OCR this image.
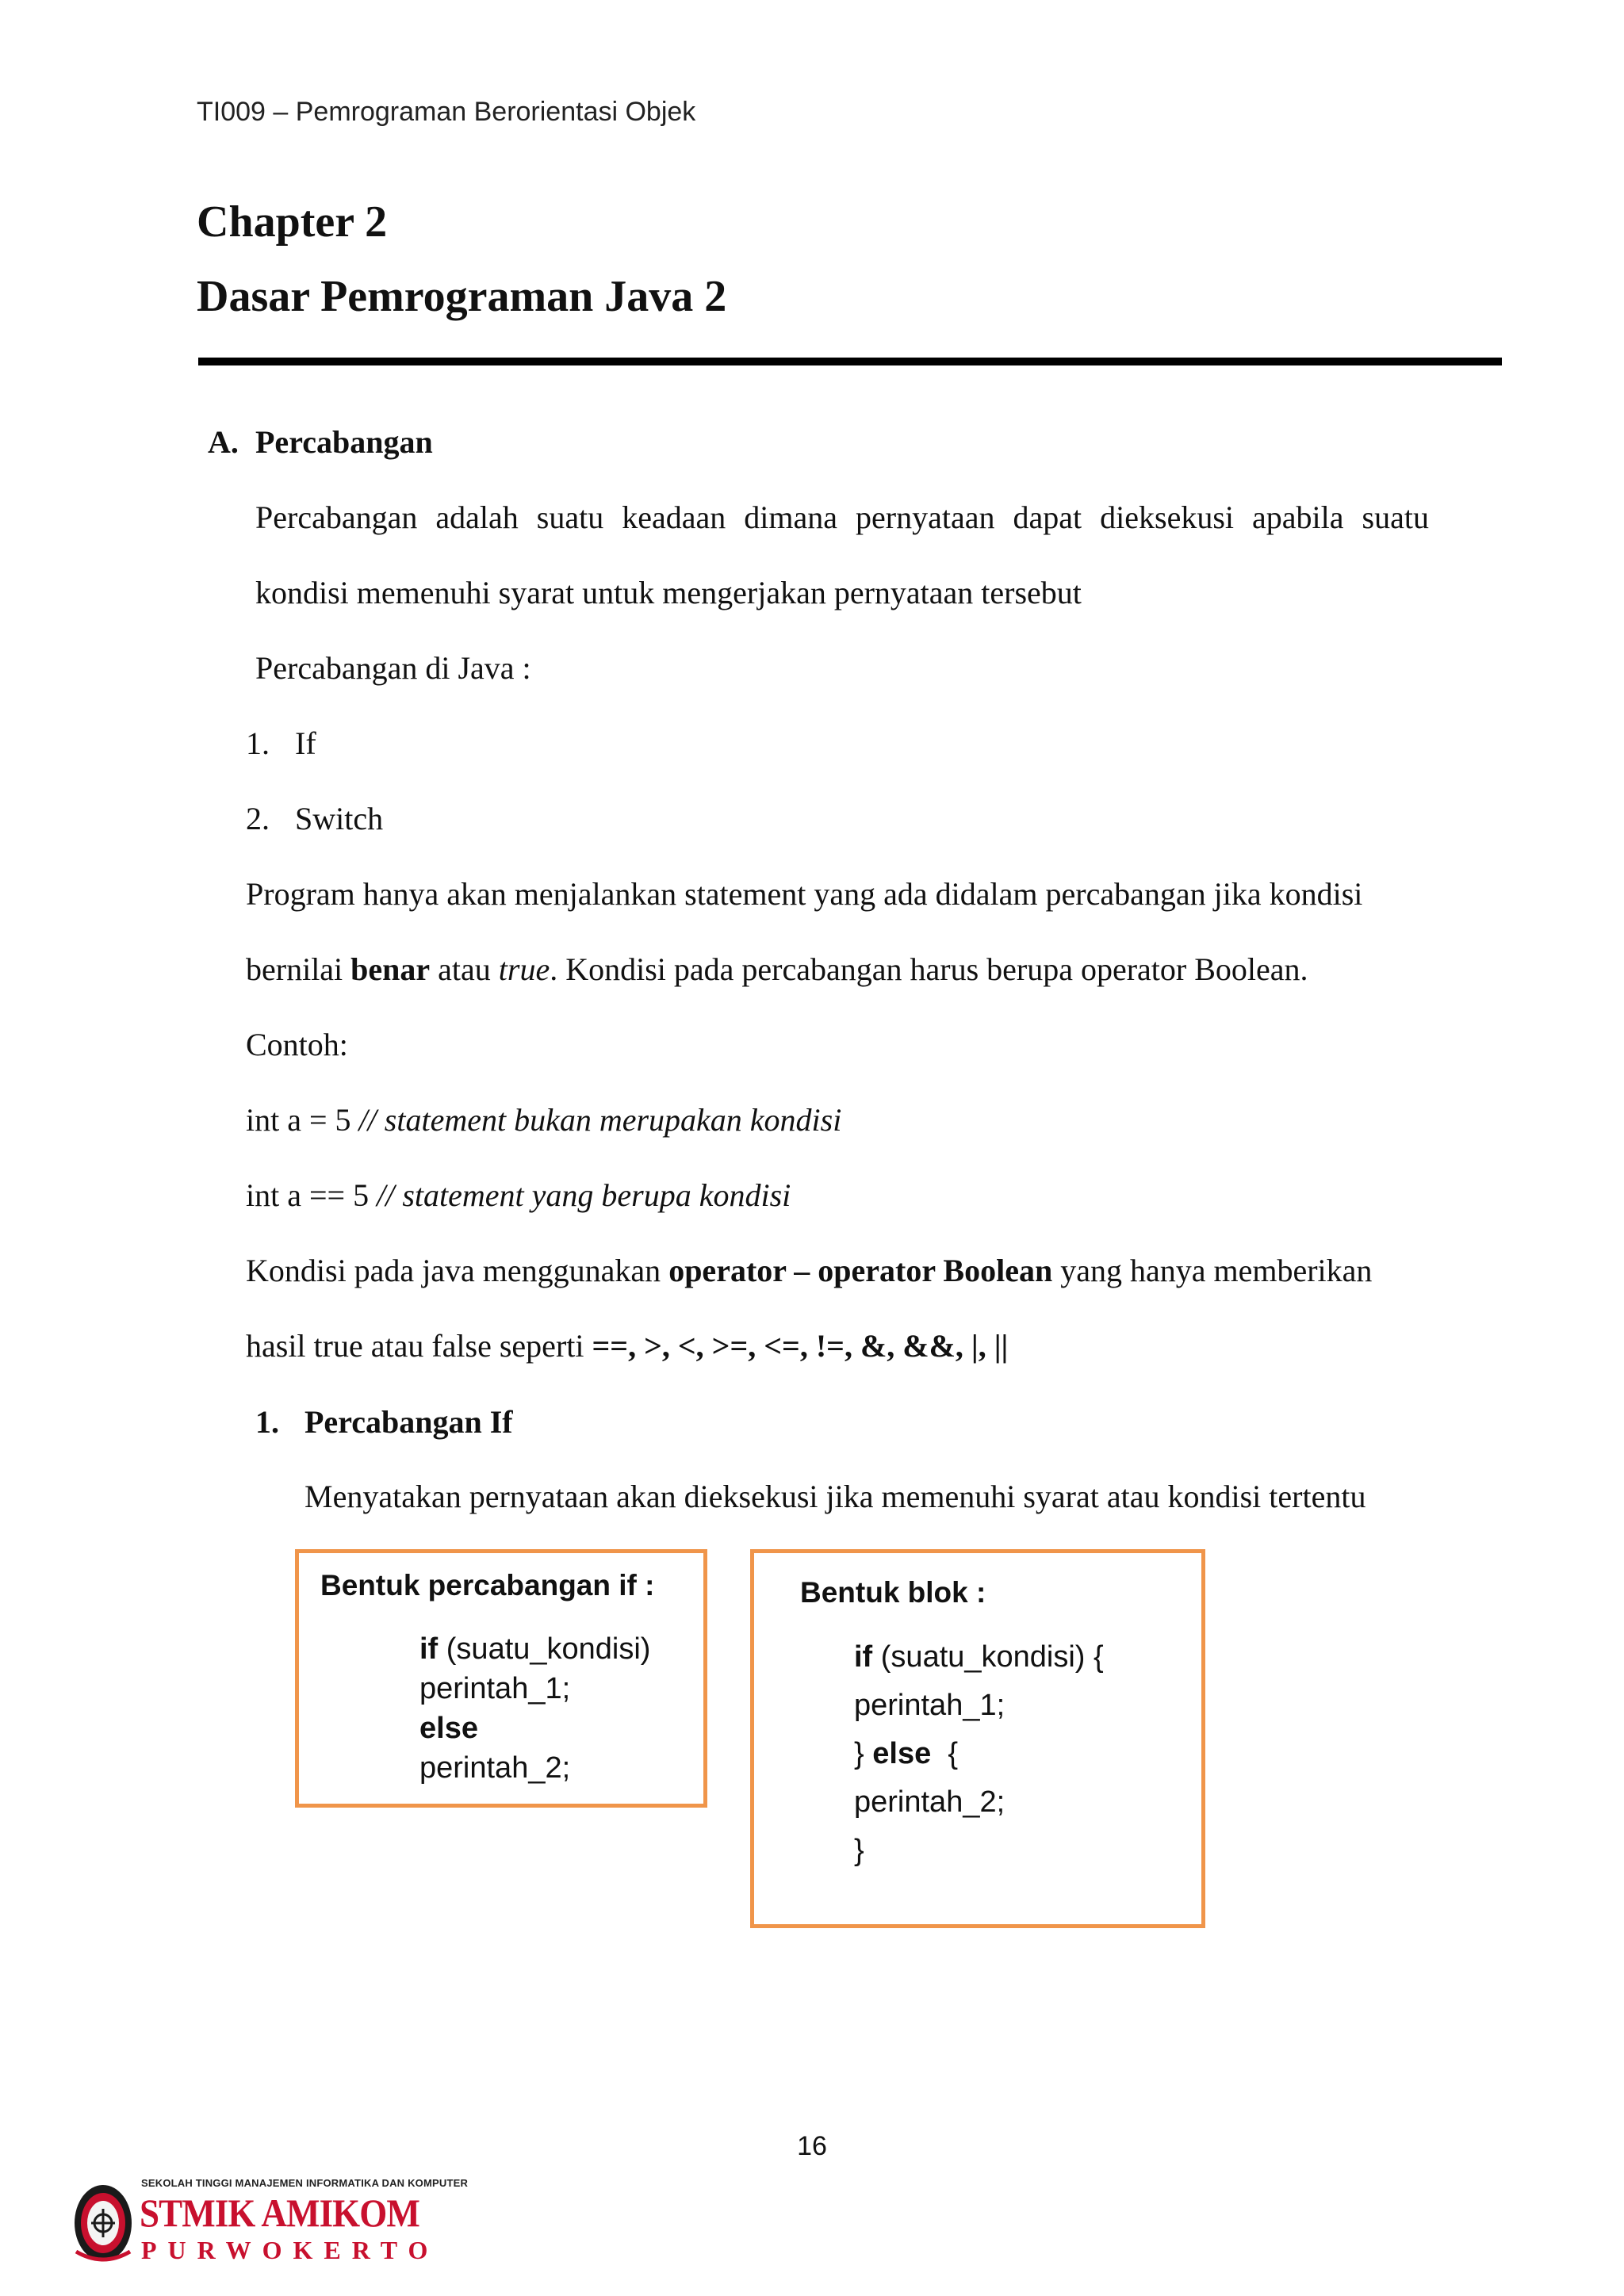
TI009 – Pemrograman Berorientasi Objek
Chapter 2
Dasar Pemrograman Java 2
A. Percabangan
Percabangan adalah suatu keadaan dimana pernyataan dapat dieksekusi apabila suatu
kondisi memenuhi syarat untuk mengerjakan pernyataan tersebut
Percabangan di Java :
1. If
2. Switch
Program hanya akan menjalankan statement yang ada didalam percabangan jika kondisi
bernilai benar atau true. Kondisi pada percabangan harus berupa operator Boolean.
Contoh:
int a = 5 // statement bukan merupakan kondisi
int a == 5 // statement yang berupa kondisi
Kondisi pada java menggunakan operator – operator Boolean yang hanya memberikan
hasil true atau false seperti ==, >, <, >=, <=, !=, &, &&, |, ||
1. Percabangan If
Menyatakan pernyataan akan dieksekusi jika memenuhi syarat atau kondisi tertentu
Bentuk percabangan if :
if (suatu_kondisi)
perintah_1;
else
perintah_2;
Bentuk blok :
if (suatu_kondisi) {
perintah_1;
} else  {
perintah_2;
}
16
SEKOLAH TINGGI MANAJEMEN INFORMATIKA DAN KOMPUTER
STMIK AMIKOM
PURWOKERTO
